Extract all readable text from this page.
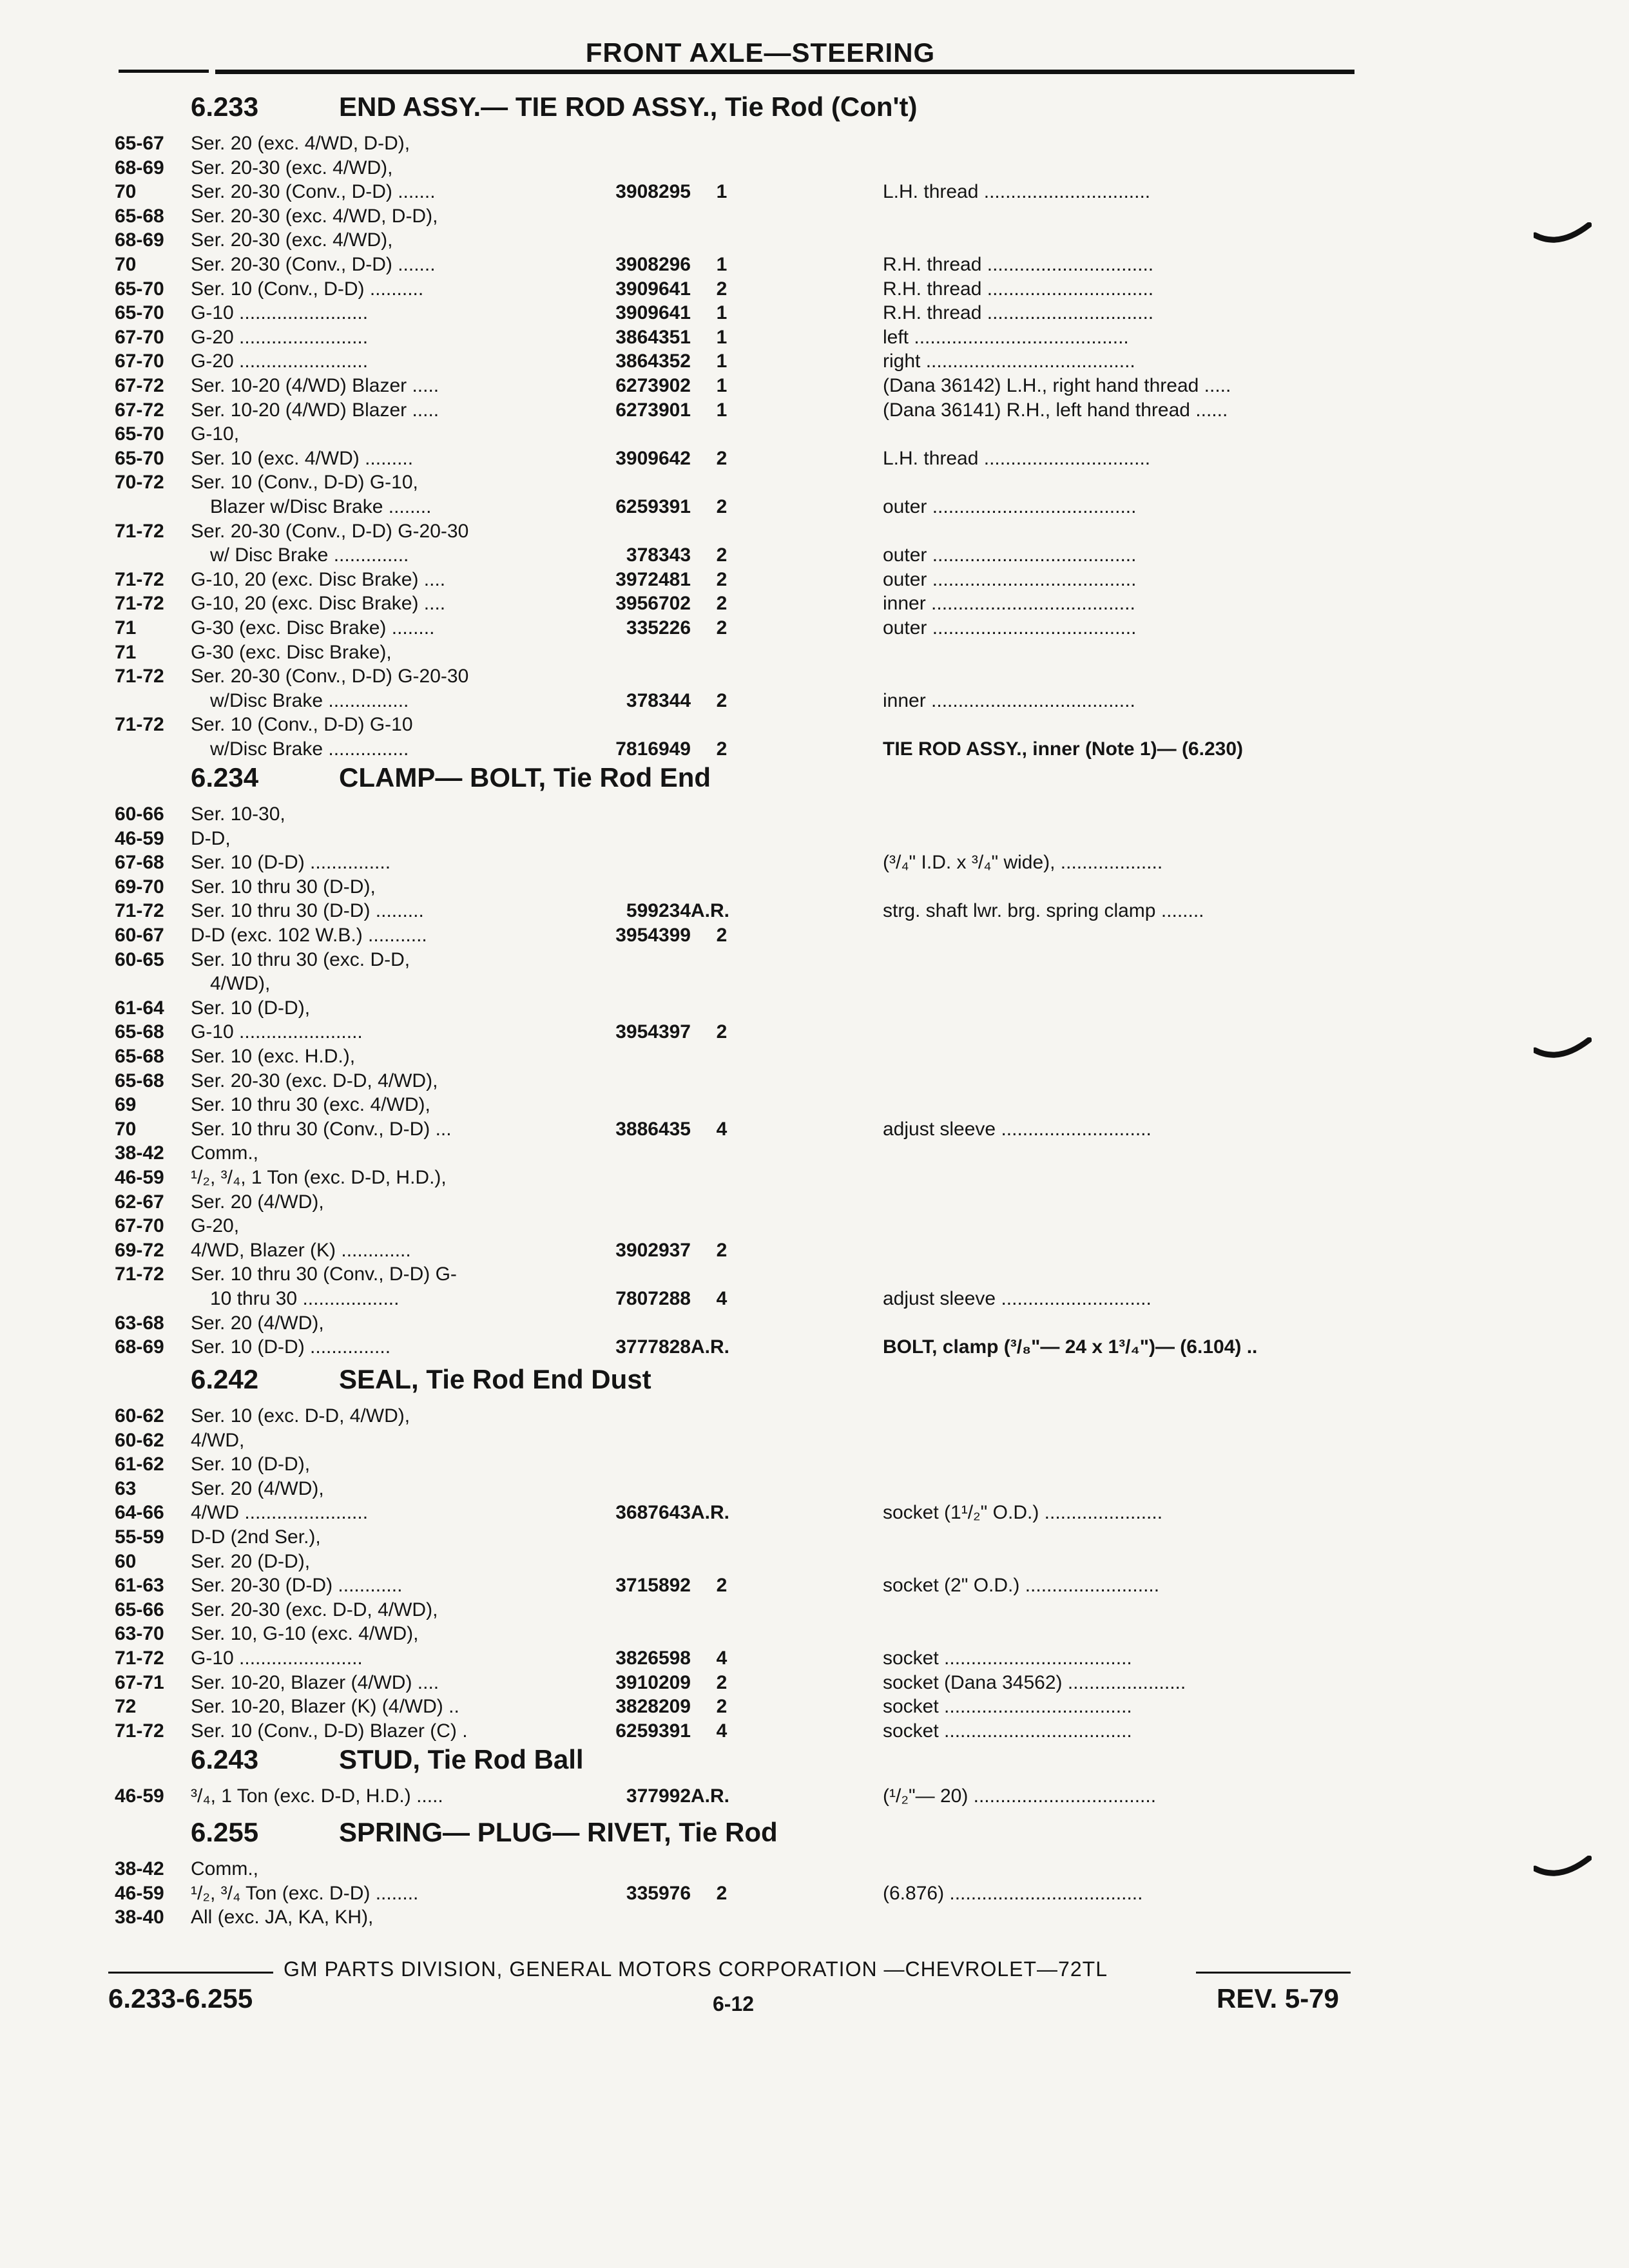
FRONT AXLE—STEERING
6.233	END ASSY.— TIE ROD ASSY., Tie Rod (Con't)
65-67 Ser. 20 (exc. 4/WD, D-D),
68-69 Ser. 20-30 (exc. 4/WD),
70	Ser. 20-30 (Conv., D-D) .......	3908295	1	L.H. thread ...............................
65-68 Ser. 20-30 (exc. 4/WD, D-D),
68-69 Ser. 20-30 (exc. 4/WD),
70	Ser. 20-30 (Conv., D-D) .......	3908296	1	R.H. thread ...............................
65-70 Ser. 10 (Conv., D-D) ..........	3909641	2	R.H. thread ...............................
65-70 G-10 ........................	3909641	1	R.H. thread ...............................
67-70 G-20 ........................	3864351	1	left ........................................
67-70 G-20 ........................	3864352	1	right .......................................
67-72 Ser. 10-20 (4/WD) Blazer .....	6273902	1	(Dana 36142) L.H., right hand thread .....
67-72 Ser. 10-20 (4/WD) Blazer .....	6273901	1	(Dana 36141) R.H., left hand thread ......
65-70 G-10,
65-70 Ser. 10 (exc. 4/WD) .........	3909642	2	L.H. thread ...............................
70-72 Ser. 10 (Conv., D-D) G-10,
Blazer w/Disc Brake ........	6259391	2	outer ......................................
71-72 Ser. 20-30 (Conv., D-D) G-20-30
w/ Disc Brake ..............	378343	2	outer ......................................
71-72 G-10, 20 (exc. Disc Brake) ....	3972481	2	outer ......................................
71-72 G-10, 20 (exc. Disc Brake) ....	3956702	2	inner ......................................
71	G-30 (exc. Disc Brake) ........	335226	2	outer ......................................
71	G-30 (exc. Disc Brake),
71-72 Ser. 20-30 (Conv., D-D) G-20-30
w/Disc Brake ...............	378344	2	inner ......................................
71-72 Ser. 10 (Conv., D-D) G-10
w/Disc Brake ...............	7816949	2	TIE ROD ASSY., inner (Note 1)— (6.230)
6.234	CLAMP— BOLT, Tie Rod End
60-66 Ser. 10-30,
46-59 D-D,
67-68 Ser. 10 (D-D) ...............	(³/₄" I.D. x ³/₄" wide), ...................
69-70 Ser. 10 thru 30 (D-D),
71-72 Ser. 10 thru 30 (D-D) .........	599234 A.R.	strg. shaft lwr. brg. spring clamp ........
60-67 D-D (exc. 102 W.B.) ...........	3954399	2
60-65 Ser. 10 thru 30 (exc. D-D,
4/WD),
61-64 Ser. 10 (D-D),
65-68 G-10 .......................	3954397	2
65-68 Ser. 10 (exc. H.D.),
65-68 Ser. 20-30 (exc. D-D, 4/WD),
69	Ser. 10 thru 30 (exc. 4/WD),
70	Ser. 10 thru 30 (Conv., D-D) ...	3886435	4	adjust sleeve ............................
38-42 Comm.,
46-59 ¹/₂, ³/₄, 1 Ton (exc. D-D, H.D.),
62-67 Ser. 20 (4/WD),
67-70 G-20,
69-72 4/WD, Blazer (K) .............	3902937	2
71-72 Ser. 10 thru 30 (Conv., D-D) G-
10 thru 30 ..................	7807288	4	adjust sleeve ............................
63-68 Ser. 20 (4/WD),
68-69 Ser. 10 (D-D) ...............	3777828 A.R.	BOLT, clamp (³/₈"— 24 x 1³/₄")— (6.104) ..
6.242	SEAL, Tie Rod End Dust
60-62 Ser. 10 (exc. D-D, 4/WD),
60-62 4/WD,
61-62 Ser. 10 (D-D),
63	Ser. 20 (4/WD),
64-66 4/WD .......................	3687643 A.R.	socket (1¹/₂" O.D.) ......................
55-59 D-D (2nd Ser.),
60	Ser. 20 (D-D),
61-63 Ser. 20-30 (D-D) ............	3715892	2	socket (2" O.D.) .........................
65-66 Ser. 20-30 (exc. D-D, 4/WD),
63-70 Ser. 10, G-10 (exc. 4/WD),
71-72 G-10 .......................	3826598	4	socket ...................................
67-71 Ser. 10-20, Blazer (4/WD) ....	3910209	2	socket (Dana 34562) ......................
72	Ser. 10-20, Blazer (K) (4/WD) ..	3828209	2	socket ...................................
71-72 Ser. 10 (Conv., D-D) Blazer (C) .	6259391	4	socket ...................................
6.243	STUD, Tie Rod Ball
46-59 ³/₄, 1 Ton (exc. D-D, H.D.) .....	377992 A.R.	(¹/₂"— 20) ..................................
6.255	SPRING— PLUG— RIVET, Tie Rod
38-42 Comm.,
46-59 ¹/₂, ³/₄ Ton (exc. D-D) ........	335976	2	(6.876) ....................................
38-40 All (exc. JA, KA, KH),
GM PARTS DIVISION, GENERAL MOTORS CORPORATION —CHEVROLET—72TL
6.233-6.255	6-12	REV. 5-79
